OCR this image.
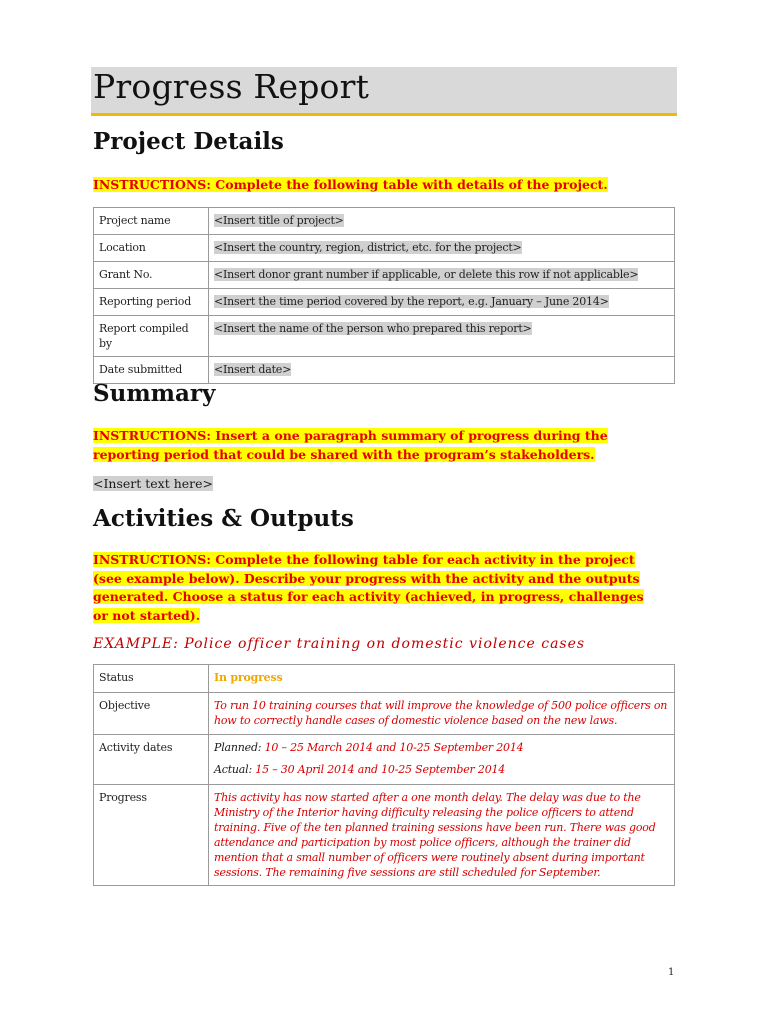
Progress Report
Project Details

INSTRUCTIONS: Complete the following table with details of the project.

Project name	<Insert title of project>
Location	<Insert the country, region, district, etc. for the project>
Grant No.	<Insert donor grant number if applicable, or delete this row if not applicable>
Reporting period	<Insert the time period covered by the report, e.g. January – June 2014>
Report compiled by	<Insert the name of the person who prepared this report>
Date submitted	<Insert date>
Summary

INSTRUCTIONS: Insert a one paragraph summary of progress during the
reporting period that could be shared with the program’s stakeholders.

<Insert text here>
Activities & Outputs

INSTRUCTIONS: Complete the following table for each activity in the project
(see example below). Describe your progress with the activity and the outputs
generated. Choose a status for each activity (achieved, in progress, challenges
or not started).

EXAMPLE: Police officer training on domestic violence cases

Status	In progress
Objective	To run 10 training courses that will improve the knowledge of 500 police officers on how to correctly handle cases of domestic violence based on the new laws.
Activity dates	Planned: 10 – 25 March 2014 and 10-25 September 2014
Actual: 15 – 30 April 2014 and 10-25 September 2014

Progress	This activity has now started after a one month delay. The delay was due to the Ministry of the Interior having difficulty releasing the police officers to attend training. Five of the ten planned training sessions have been run. There was good attendance and participation by most police officers, although the trainer did mention that a small number of officers were routinely absent during important sessions. The remaining five sessions are still scheduled for September.
1
